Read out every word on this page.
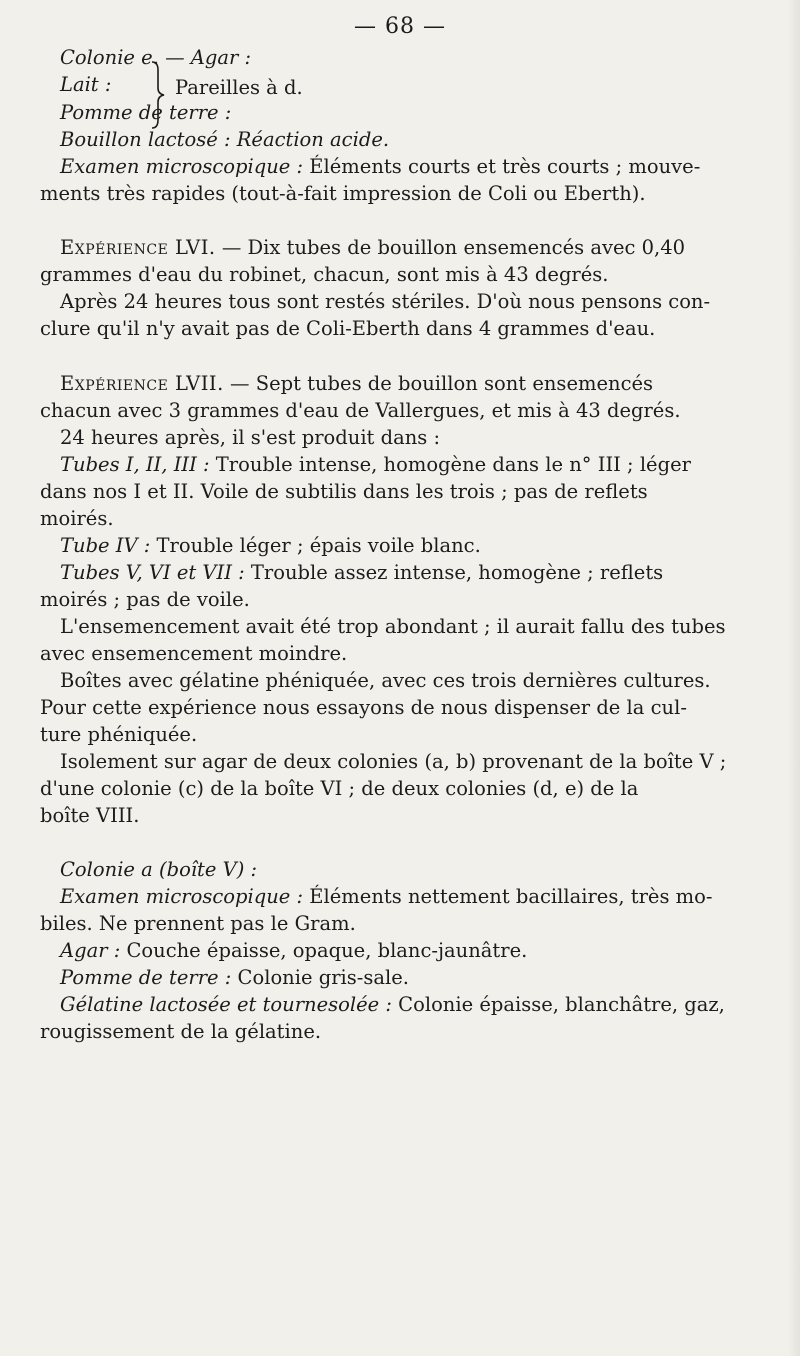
— 68 —
Colonie e. — Agar :
Lait :
Pomme de terre :
Pareilles à d.
Bouillon lactosé : Réaction acide.
Examen microscopique : Éléments courts et très courts ; mouve-
ments très rapides (tout-à-fait impression de Coli ou Eberth).
Expérience LVI. — Dix tubes de bouillon ensemencés avec 0,40
grammes d'eau du robinet, chacun, sont mis à 43 degrés.
Après 24 heures tous sont restés stériles. D'où nous pensons con-
clure qu'il n'y avait pas de Coli-Eberth dans 4 grammes d'eau.
Expérience LVII. — Sept tubes de bouillon sont ensemencés
chacun avec 3 grammes d'eau de Vallergues, et mis à 43 degrés.
24 heures après, il s'est produit dans :
Tubes I, II, III : Trouble intense, homogène dans le n° III ; léger
dans nos I et II. Voile de subtilis dans les trois ; pas de reflets
moirés.
Tube IV : Trouble léger ; épais voile blanc.
Tubes V, VI et VII : Trouble assez intense, homogène ; reflets
moirés ; pas de voile.
L'ensemencement avait été trop abondant ; il aurait fallu des tubes
avec ensemencement moindre.
Boîtes avec gélatine phéniquée, avec ces trois dernières cultures.
Pour cette expérience nous essayons de nous dispenser de la cul-
ture phéniquée.
Isolement sur agar de deux colonies (a, b) provenant de la boîte V ;
d'une colonie (c) de la boîte VI ; de deux colonies (d, e) de la
boîte VIII.
Colonie a (boîte V) :
Examen microscopique : Éléments nettement bacillaires, très mo-
biles. Ne prennent pas le Gram.
Agar : Couche épaisse, opaque, blanc-jaunâtre.
Pomme de terre : Colonie gris-sale.
Gélatine lactosée et tournesolée : Colonie épaisse, blanchâtre, gaz,
rougissement de la gélatine.
